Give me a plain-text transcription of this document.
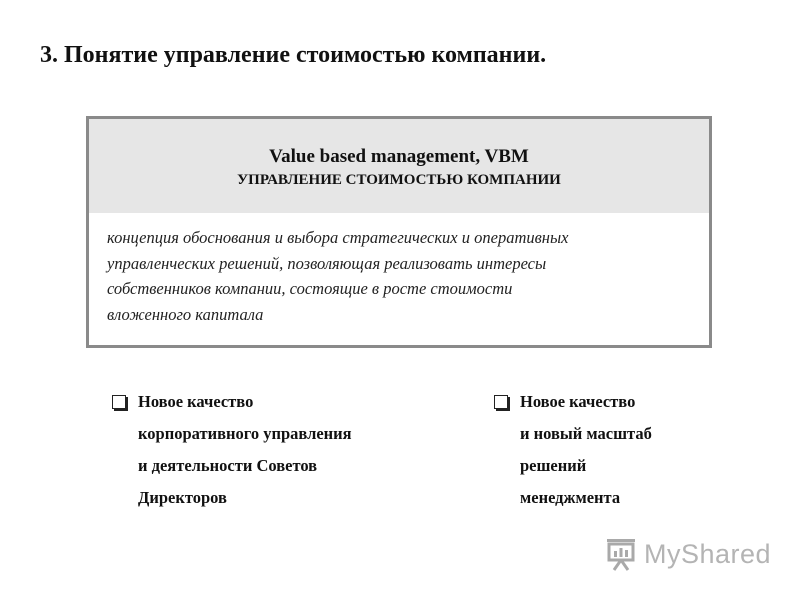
3. Понятие управление стоимостью компании.
Value based management, VBM
УПРАВЛЕНИЕ СТОИМОСТЬЮ КОМПАНИИ
концепция обоснования и выбора стратегических и оперативных
управленческих решений, позволяющая реализовать интересы
собственников компании, состоящие в росте стоимости
вложенного капитала
Новое качество
корпоративного управления
и деятельности Советов
Директоров
Новое качество
и новый масштаб
решений
менеджмента
My Shared
